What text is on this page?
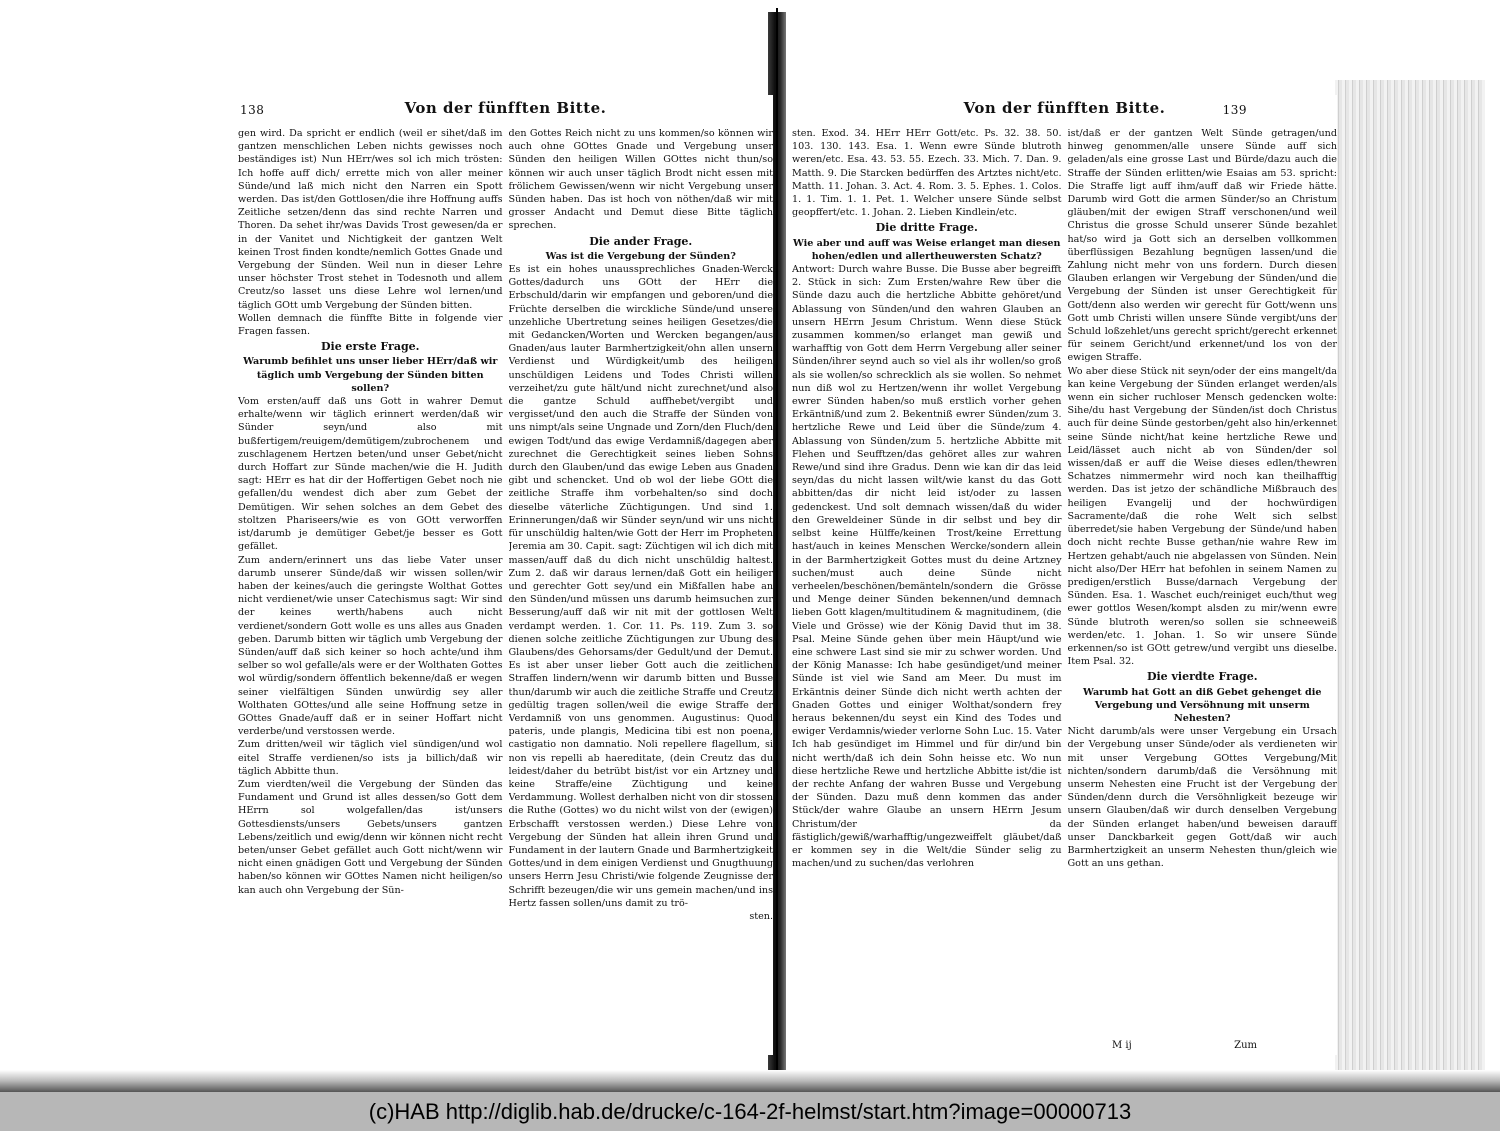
138	Von der fünfften Bitte.

gen wird. Da spricht er endlich (weil er sihet/daß im gantzen menschlichen Leben nichts gewisses noch beständiges ist) Nun HErr/wes sol ich mich trösten: Ich hoffe auff dich/ errette mich von aller meiner Sünde/und laß mich nicht den Narren ein Spott werden. Das ist/den Gottlosen/die ihre Hoffnung auffs Zeitliche setzen/denn das sind rechte Narren und Thoren. Da sehet ihr/was Davids Trost gewesen/da er in der Vanitet und Nichtigkeit der gantzen Welt keinen Trost finden kondte/nemlich Gottes Gnade und Vergebung der Sünden. Weil nun in dieser Lehre unser höchster Trost stehet in Todesnoth und allem Creutz/so lasset uns diese Lehre wol lernen/und täglich GOtt umb Vergebung der Sünden bitten.

Wollen demnach die fünffte Bitte in folgende vier Fragen fassen.

Die erste Frage.
Warumb befihlet uns unser lieber HErr/daß wir täglich umb Vergebung der Sünden bitten sollen?

Vom ersten/auff daß uns Gott in wahrer Demut erhalte/wenn wir täglich erinnert werden/daß wir Sünder seyn/und also mit bußfertigem/reuigem/demütigem/zubrochenem und zuschlagenem Hertzen beten/und unser Gebet/nicht durch Hoffart zur Sünde machen/wie die H. Judith sagt: HErr es hat dir der Hoffertigen Gebet noch nie gefallen/du wendest dich aber zum Gebet der Demütigen. Wir sehen solches an dem Gebet des stoltzen Phariseers/wie es von GOtt verworffen ist/darumb je demütiger Gebet/je besser es Gott gefället.

Zum andern/erinnert uns das liebe Vater unser darumb unserer Sünde/daß wir wissen sollen/wir haben der keines/auch die geringste Wolthat Gottes nicht verdienet/wie unser Catechismus sagt: Wir sind der keines werth/habens auch nicht verdienet/sondern Gott wolle es uns alles aus Gnaden geben. Darumb bitten wir täglich umb Vergebung der Sünden/auff daß sich keiner so hoch achte/und ihm selber so wol gefalle/als were er der Wolthaten Gottes wol würdig/sondern öffentlich bekenne/daß er wegen seiner vielfältigen Sünden unwürdig sey aller Wolthaten GOttes/und alle seine Hoffnung setze in GOttes Gnade/auff daß er in seiner Hoffart nicht verderbe/und verstossen werde.

Zum dritten/weil wir täglich viel sündigen/und wol eitel Straffe verdienen/so ists ja billich/daß wir täglich Abbitte thun.

Zum vierdten/weil die Vergebung der Sünden das Fundament und Grund ist alles dessen/so Gott dem HErrn sol wolgefallen/das ist/unsers Gottesdiensts/unsers Gebets/unsers gantzen Lebens/zeitlich und ewig/denn wir können nicht recht beten/unser Gebet gefället auch Gott nicht/wenn wir nicht einen gnädigen Gott und Vergebung der Sünden haben/so können wir GOttes Namen nicht heiligen/so kan auch ohn Vergebung der Sün-

den Gottes Reich nicht zu uns kommen/so können wir auch ohne GOttes Gnade und Vergebung unser Sünden den heiligen Willen GOttes nicht thun/so können wir auch unser täglich Brodt nicht essen mit frölichem Gewissen/wenn wir nicht Vergebung unser Sünden haben. Das ist hoch von nöthen/daß wir mit grosser Andacht und Demut diese Bitte täglich sprechen.

Die ander Frage.
Was ist die Vergebung der Sünden?

Es ist ein hohes unaussprechliches Gnaden-Werck Gottes/dadurch uns GOtt der HErr die Erbschuld/darin wir empfangen und geboren/und die Früchte derselben die wirckliche Sünde/und unsere unzehliche Ubertretung seines heiligen Gesetzes/die mit Gedancken/Worten und Wercken begangen/aus Gnaden/aus lauter Barmhertzigkeit/ohn allen unsern Verdienst und Würdigkeit/umb des heiligen unschüldigen Leidens und Todes Christi willen verzeihet/zu gute hält/und nicht zurechnet/und also die gantze Schuld auffhebet/vergibt und vergisset/und den auch die Straffe der Sünden von uns nimpt/als seine Ungnade und Zorn/den Fluch/den ewigen Todt/und das ewige Verdamniß/dagegen aber zurechnet die Gerechtigkeit seines lieben Sohns durch den Glauben/und das ewige Leben aus Gnaden gibt und schencket. Und ob wol der liebe GOtt die zeitliche Straffe ihm vorbehalten/so sind doch dieselbe väterliche Züchtigungen. Und sind 1. Erinnerungen/daß wir Sünder seyn/und wir uns nicht für unschüldig halten/wie Gott der Herr im Propheten Jeremia am 30. Capit. sagt: Züchtigen wil ich dich mit massen/auff daß du dich nicht unschüldig haltest. Zum 2. daß wir daraus lernen/daß Gott ein heiliger und gerechter Gott sey/und ein Mißfallen habe an den Sünden/und müssen uns darumb heimsuchen zur Besserung/auff daß wir nit mit der gottlosen Welt verdampt werden. 1. Cor. 11. Ps. 119. Zum 3. so dienen solche zeitliche Züchtigungen zur Ubung des Glaubens/des Gehorsams/der Gedult/und der Demut. Es ist aber unser lieber Gott auch die zeitlichen Straffen lindern/wenn wir darumb bitten und Busse thun/darumb wir auch die zeitliche Straffe und Creutz gedültig tragen sollen/weil die ewige Straffe der Verdamniß von uns genommen. Augustinus: Quod pateris, unde plangis, Medicina tibi est non poena, castigatio non damnatio. Noli repellere flagellum, si non vis repelli ab haereditate, (dein Creutz das du leidest/daher du betrübt bist/ist vor ein Artzney und keine Straffe/eine Züchtigung und keine Verdammung. Wollest derhalben nicht von dir stossen die Ruthe (Gottes) wo du nicht wilst von der (ewigen) Erbschafft verstossen werden.) Diese Lehre von Vergebung der Sünden hat allein ihren Grund und Fundament in der lautern Gnade und Barmhertzigkeit Gottes/und in dem einigen Verdienst und Gnugthuung unsers Herrn Jesu Christi/wie folgende Zeugnisse der Schrifft bezeugen/die wir uns gemein machen/und ins Hertz fassen sollen/uns damit zu trö-

sten.
Von der fünfften Bitte.	139

sten. Exod. 34. HErr HErr Gott/etc. Ps. 32. 38. 50. 103. 130. 143. Esa. 1. Wenn ewre Sünde blutroth weren/etc. Esa. 43. 53. 55. Ezech. 33. Mich. 7. Dan. 9. Matth. 9. Die Starcken bedürffen des Artztes nicht/etc. Matth. 11. Johan. 3. Act. 4. Rom. 3. 5. Ephes. 1. Colos. 1. 1. Tim. 1. 1. Pet. 1. Welcher unsere Sünde selbst geopffert/etc. 1. Johan. 2. Lieben Kindlein/etc.

Die dritte Frage.
Wie aber und auff was Weise erlanget man diesen hohen/edlen und allertheuwersten Schatz?

Antwort: Durch wahre Busse. Die Busse aber begreifft 2. Stück in sich: Zum Ersten/wahre Rew über die Sünde dazu auch die hertzliche Abbitte gehöret/und Ablassung von Sünden/und den wahren Glauben an unsern HErrn Jesum Christum. Wenn diese Stück zusammen kommen/so erlanget man gewiß und warhafftig von Gott dem Herrn Vergebung aller seiner Sünden/ihrer seynd auch so viel als ihr wollen/so groß als sie wollen/so schrecklich als sie wollen. So nehmet nun diß wol zu Hertzen/wenn ihr wollet Vergebung ewrer Sünden haben/so muß erstlich vorher gehen Erkäntniß/und zum 2. Bekentniß ewrer Sünden/zum 3. hertzliche Rewe und Leid über die Sünde/zum 4. Ablassung von Sünden/zum 5. hertzliche Abbitte mit Flehen und Seufftzen/das gehöret alles zur wahren Rewe/und sind ihre Gradus. Denn wie kan dir das leid seyn/das du nicht lassen wilt/wie kanst du das Gott abbitten/das dir nicht leid ist/oder zu lassen gedenckest. Und solt demnach wissen/daß du wider den Greweldeiner Sünde in dir selbst und bey dir selbst keine Hülffe/keinen Trost/keine Errettung hast/auch in keines Menschen Wercke/sondern allein in der Barmhertzigkeit Gottes must du deine Artzney suchen/must auch deine Sünde nicht verheelen/beschönen/bemänteln/sondern die Grösse und Menge deiner Sünden bekennen/und demnach lieben Gott klagen/multitudinem & magnitudinem, (die Viele und Grösse) wie der König David thut im 38. Psal. Meine Sünde gehen über mein Häupt/und wie eine schwere Last sind sie mir zu schwer worden. Und der König Manasse: Ich habe gesündiget/und meiner Sünde ist viel wie Sand am Meer. Du must im Erkäntnis deiner Sünde dich nicht werth achten der Gnaden Gottes und einiger Wolthat/sondern frey heraus bekennen/du seyst ein Kind des Todes und ewiger Verdamnis/wieder verlorne Sohn Luc. 15. Vater Ich hab gesündiget im Himmel und für dir/und bin nicht werth/daß ich dein Sohn heisse etc. Wo nun diese hertzliche Rewe und hertzliche Abbitte ist/die ist der rechte Anfang der wahren Busse und Vergebung der Sünden. Dazu muß denn kommen das ander Stück/der wahre Glaube an unsern HErrn Jesum Christum/der da fästiglich/gewiß/warhafftig/ungezweiffelt gläubet/daß er kommen sey in die Welt/die Sünder selig zu machen/und zu suchen/das verlohren

ist/daß er der gantzen Welt Sünde getragen/und hinweg genommen/alle unsere Sünde auff sich geladen/als eine grosse Last und Bürde/dazu auch die Straffe der Sünden erlitten/wie Esaias am 53. spricht: Die Straffe ligt auff ihm/auff daß wir Friede hätte. Darumb wird Gott die armen Sünder/so an Christum gläuben/mit der ewigen Straff verschonen/und weil Christus die grosse Schuld unserer Sünde bezahlet hat/so wird ja Gott sich an derselben vollkommen überflüssigen Bezahlung begnügen lassen/und die Zahlung nicht mehr von uns fordern. Durch diesen Glauben erlangen wir Vergebung der Sünden/und die Vergebung der Sünden ist unser Gerechtigkeit für Gott/denn also werden wir gerecht für Gott/wenn uns Gott umb Christi willen unsere Sünde vergibt/uns der Schuld loßzehlet/uns gerecht spricht/gerecht erkennet für seinem Gericht/und erkennet/und los von der ewigen Straffe.

Wo aber diese Stück nit seyn/oder der eins mangelt/da kan keine Vergebung der Sünden erlanget werden/als wenn ein sicher ruchloser Mensch gedencken wolte: Sihe/du hast Vergebung der Sünden/ist doch Christus auch für deine Sünde gestorben/geht also hin/erkennet seine Sünde nicht/hat keine hertzliche Rewe und Leid/lässet auch nicht ab von Sünden/der sol wissen/daß er auff die Weise dieses edlen/thewren Schatzes nimmermehr wird noch kan theilhafftig werden. Das ist jetzo der schändliche Mißbrauch des heiligen Evangelij und der hochwürdigen Sacramente/daß die rohe Welt sich selbst überredet/sie haben Vergebung der Sünde/und haben doch nicht rechte Busse gethan/nie wahre Rew im Hertzen gehabt/auch nie abgelassen von Sünden. Nein nicht also/Der HErr hat befohlen in seinem Namen zu predigen/erstlich Busse/darnach Vergebung der Sünden. Esa. 1. Waschet euch/reiniget euch/thut weg ewer gottlos Wesen/kompt alsden zu mir/wenn ewre Sünde blutroth weren/so sollen sie schneeweiß werden/etc. 1. Johan. 1. So wir unsere Sünde erkennen/so ist GOtt getrew/und vergibt uns dieselbe. Item Psal. 32.

Die vierdte Frage.
Warumb hat Gott an diß Gebet gehenget die Vergebung und Versöhnung mit unserm Nehesten?

Nicht darumb/als were unser Vergebung ein Ursach der Vergebung unser Sünde/oder als verdieneten wir mit unser Vergebung GOttes Vergebung/Mit nichten/sondern darumb/daß die Versöhnung mit unserm Nehesten eine Frucht ist der Vergebung der Sünden/denn durch die Versöhnligkeit bezeuge wir unsern Glauben/daß wir durch denselben Vergebung der Sünden erlanget haben/und beweisen darauff unser Danckbarkeit gegen Gott/daß wir auch Barmhertzigkeit an unserm Nehesten thun/gleich wie Gott an uns gethan.

M ij	Zum
(c)HAB http://diglib.hab.de/drucke/c-164-2f-helmst/start.htm?image=00000713
